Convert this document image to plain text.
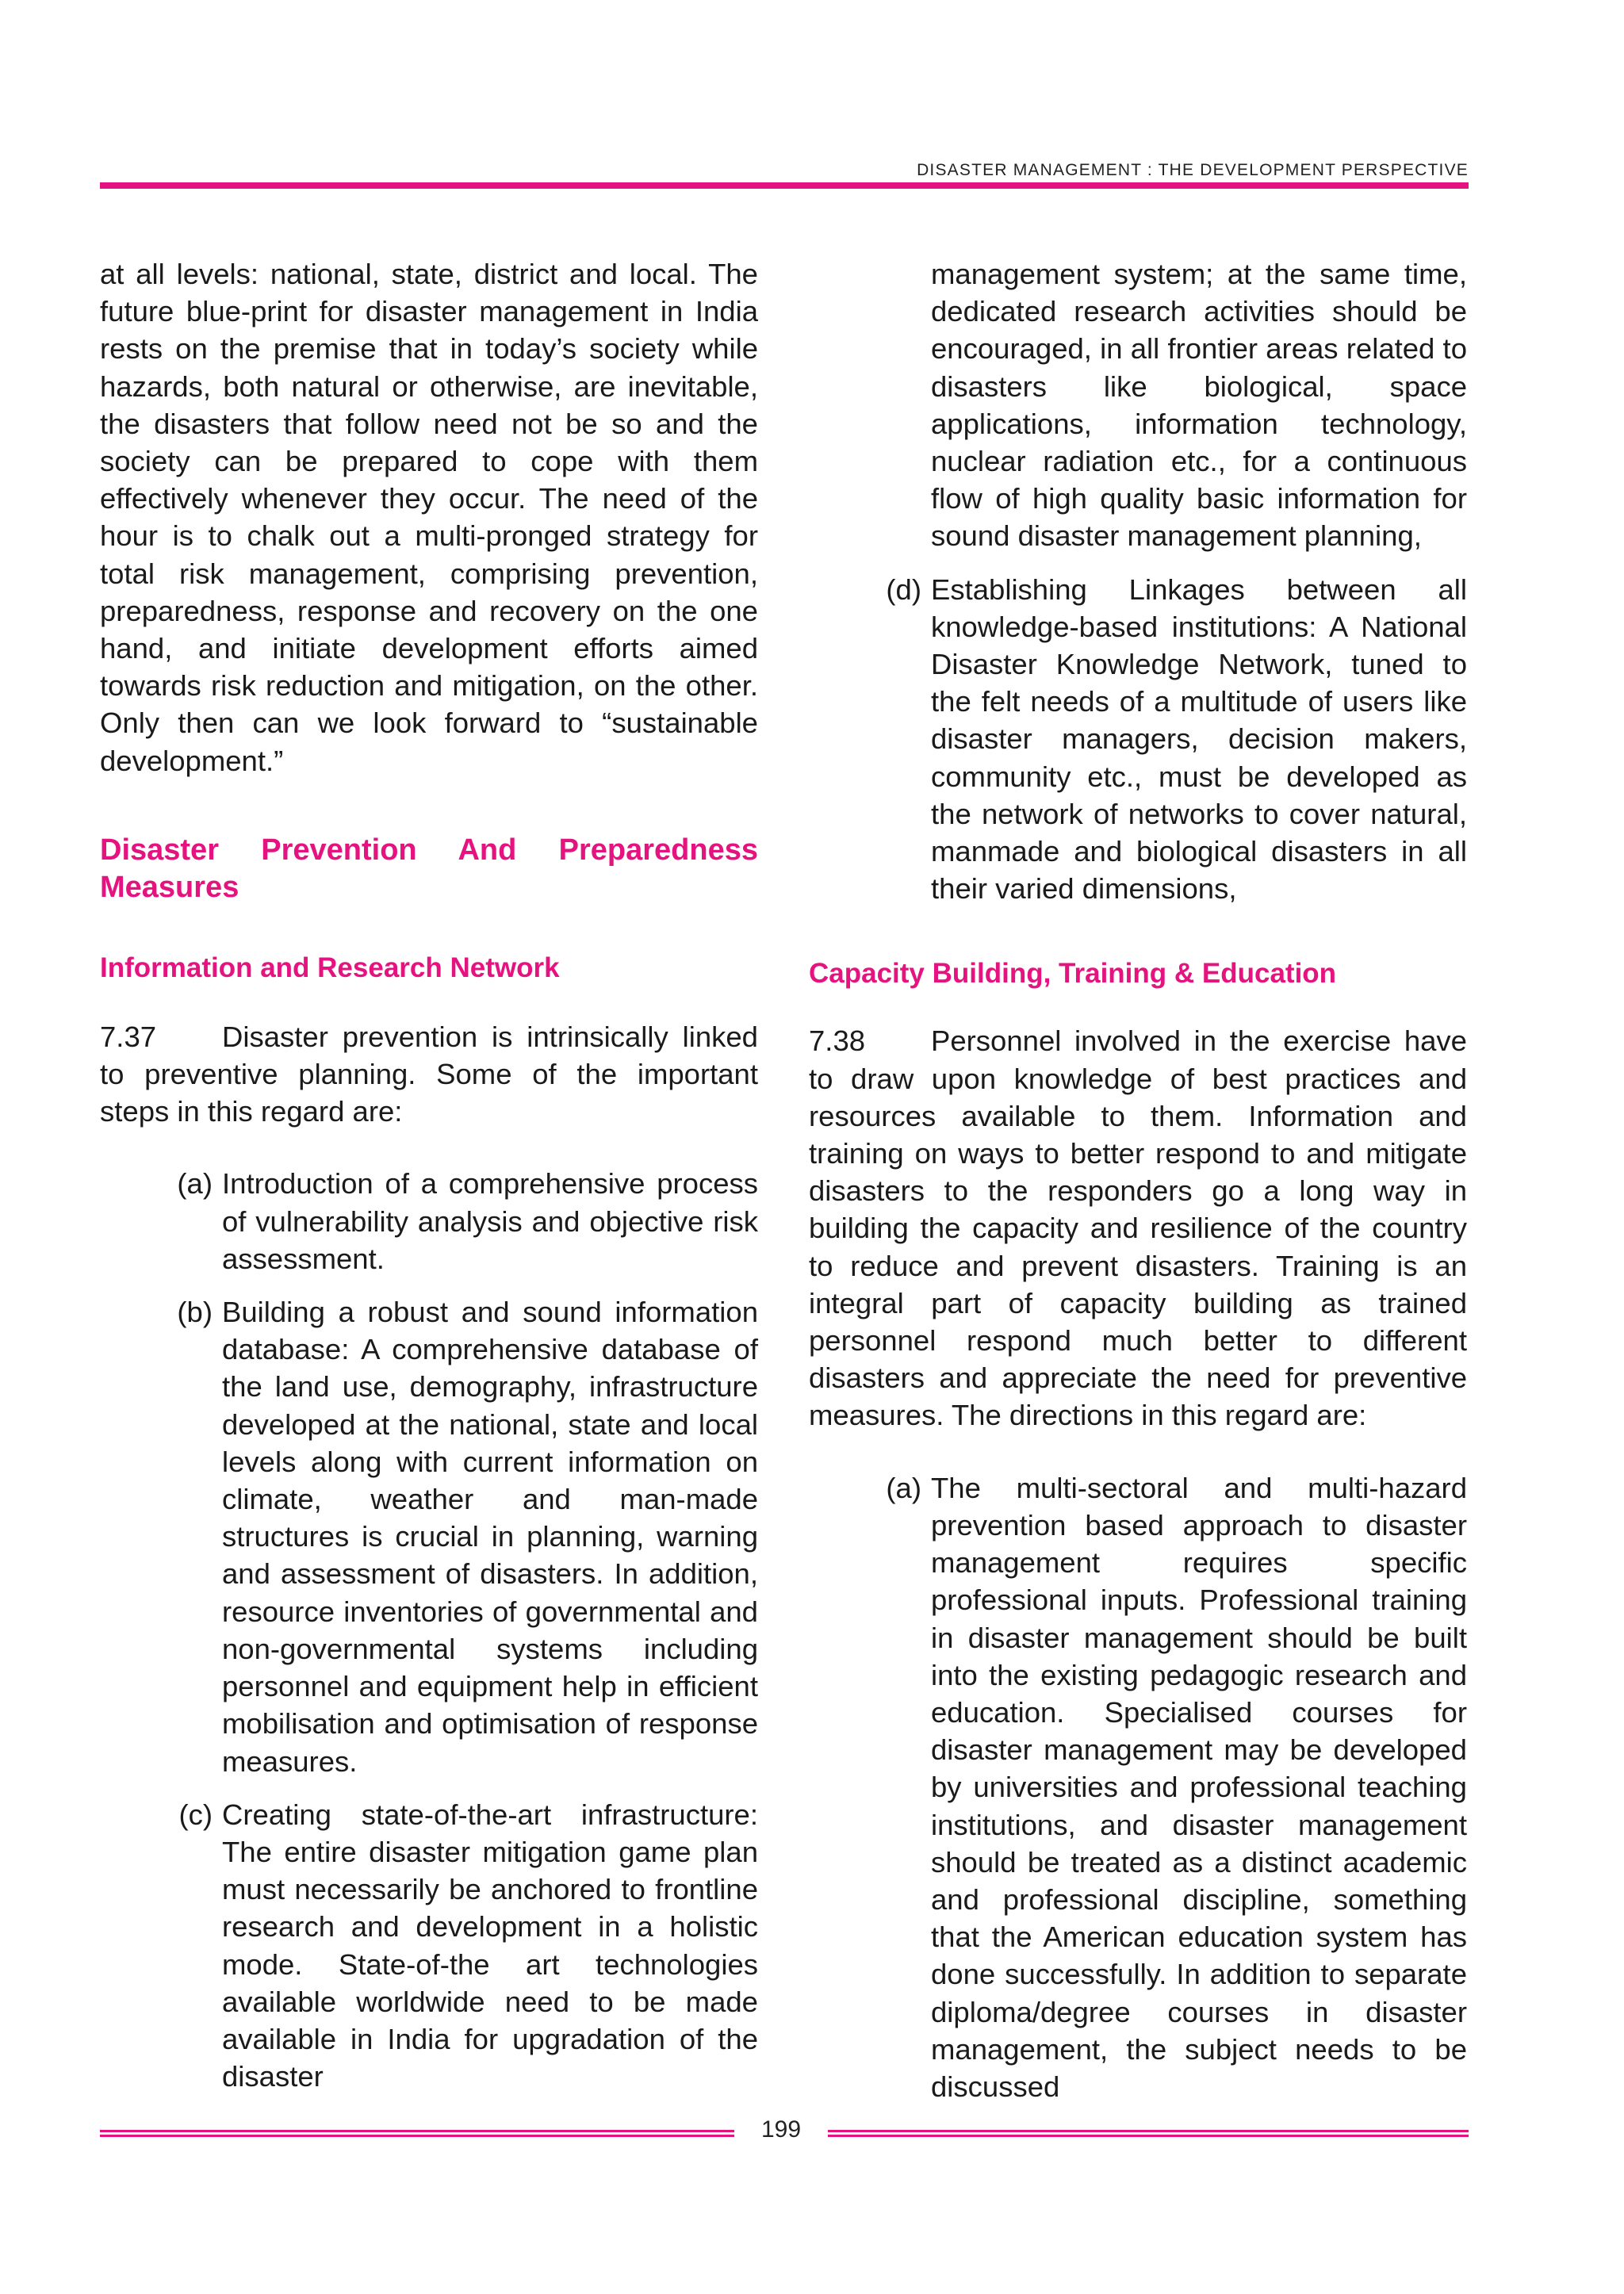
DISASTER MANAGEMENT : THE DEVELOPMENT PERSPECTIVE

at all levels: national, state, district and local. The future blue-print for disaster management in India rests on the premise that in today’s society while hazards, both natural or otherwise, are inevitable, the disasters that follow need not be so and the society can be prepared to cope with them effectively whenever they occur. The need of the hour is to chalk out a multi-pronged strategy for total risk management, comprising prevention, preparedness, response and recovery on the one hand, and initiate development efforts aimed towards risk reduction and mitigation, on the other. Only then can we look forward to “sustainable development.”

Disaster Prevention And Preparedness Measures
Information and Research Network

7.37 Disaster prevention is intrinsically linked to preventive planning. Some of the important steps in this regard are:

(a) Introduction of a comprehensive process of vulnerability analysis and objective risk assessment.
(b) Building a robust and sound information database: A comprehensive database of the land use, demography, infrastructure developed at the national, state and local levels along with current information on climate, weather and man-made structures is crucial in planning, warning and assessment of disasters. In addition, resource inventories of governmental and non-governmental systems including personnel and equipment help in efficient mobilisation and optimisation of response measures.
(c) Creating state-of-the-art infrastructure: The entire disaster mitigation game plan must necessarily be anchored to frontline research and development in a holistic mode. State-of-the art technologies available worldwide need to be made available in India for upgradation of the disaster
management system; at the same time, dedicated research activities should be encouraged, in all frontier areas related to disasters like biological, space applications, information technology, nuclear radiation etc., for a continuous flow of high quality basic information for sound disaster management planning,
(d) Establishing Linkages between all knowledge-based institutions: A National Disaster Knowledge Network, tuned to the felt needs of a multitude of users like disaster managers, decision makers, community etc., must be developed as the network of networks to cover natural, manmade and biological disasters in all their varied dimensions,
Capacity Building, Training & Education

7.38 Personnel involved in the exercise have to draw upon knowledge of best practices and resources available to them. Information and training on ways to better respond to and mitigate disasters to the responders go a long way in building the capacity and resilience of the country to reduce and prevent disasters. Training is an integral part of capacity building as trained personnel respond much better to different disasters and appreciate the need for preventive measures. The directions in this regard are:

(a) The multi-sectoral and multi-hazard prevention based approach to disaster management requires specific professional inputs. Professional training in disaster management should be built into the existing pedagogic research and education. Specialised courses for disaster management may be developed by universities and professional teaching institutions, and disaster management should be treated as a distinct academic and professional discipline, something that the American education system has done successfully. In addition to separate diploma/degree courses in disaster management, the subject needs to be discussed
199
